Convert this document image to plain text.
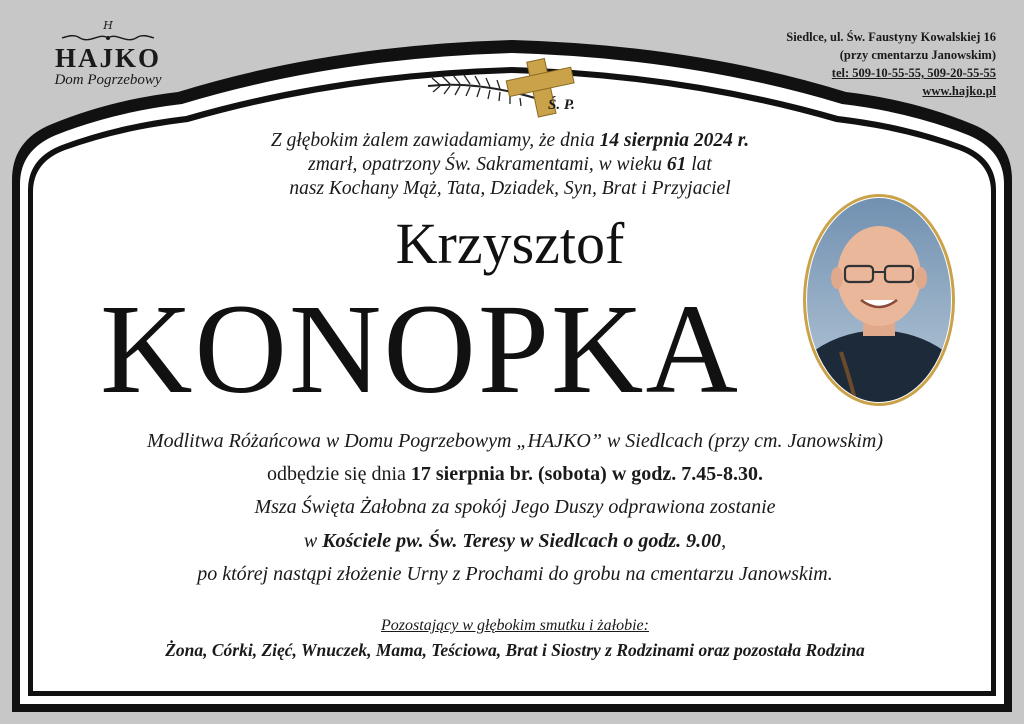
H
HAJKO
Dom Pogrzebowy
Siedlce, ul. Św. Faustyny Kowalskiej 16
(przy cmentarzu Janowskim)
tel: 509-10-55-55, 509-20-55-55
www.hajko.pl
Ś. P.
Z głębokim żalem zawiadamiamy, że dnia 14 sierpnia 2024 r.
zmarł, opatrzony Św. Sakramentami, w wieku 61 lat
nasz Kochany Mąż, Tata, Dziadek, Syn, Brat i Przyjaciel
Krzysztof
KONOPKA
Modlitwa Różańcowa w Domu Pogrzebowym „HAJKO” w Siedlcach (przy cm. Janowskim)
odbędzie się dnia 17 sierpnia br. (sobota) w godz. 7.45-8.30.
Msza Święta Żałobna za spokój Jego Duszy odprawiona zostanie
w Kościele pw. Św. Teresy w Siedlcach o godz. 9.00,
po której nastąpi złożenie Urny z Prochami do grobu na cmentarzu Janowskim.
Pozostający w głębokim smutku i żałobie:
Żona, Córki, Zięć, Wnuczek, Mama, Teściowa, Brat i Siostry z Rodzinami oraz pozostała Rodzina
